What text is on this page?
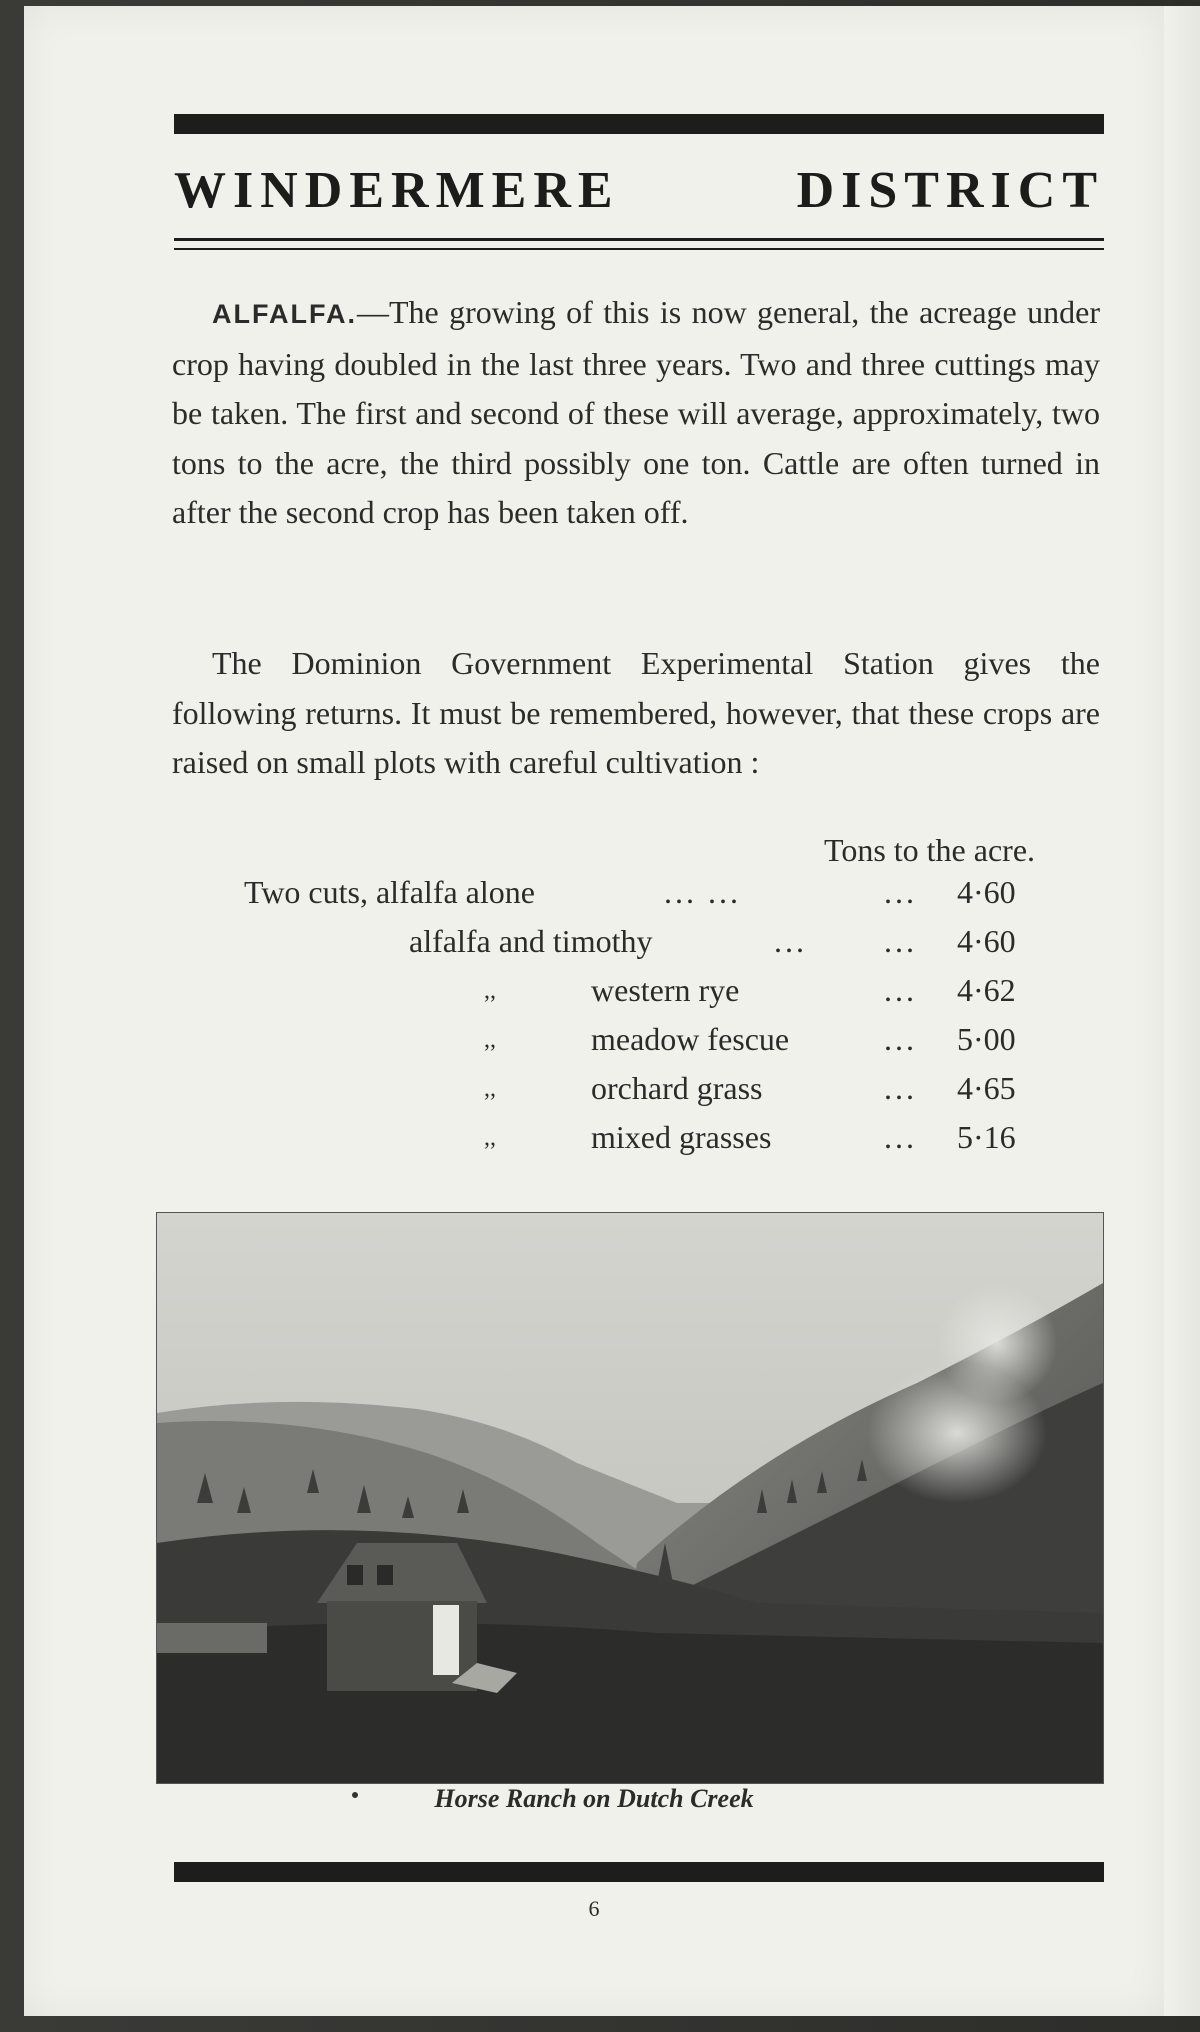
WINDERMERE	DISTRICT

ALFALFA.—The growing of this is now general, the acreage under crop having doubled in the last three years. Two and three cuttings may be taken. The first and second of these will average, approximately, two tons to the acre, the third possibly one ton. Cattle are often turned in after the second crop has been taken off.

The Dominion Government Experimental Station gives the following returns. It must be remembered, however, that these crops are raised on small plots with careful cultivation :

Tons to the acre.
Two cuts, alfalfa alone	... ...	... 4·60
alfalfa and timothy	... ... 4·60
,,	western rye	... 4·62
,,	meadow fescue	... 5·00
,,	orchard grass	... 4·65
,,	mixed grasses	... 5·16
Horse Ranch on Dutch Creek
6
